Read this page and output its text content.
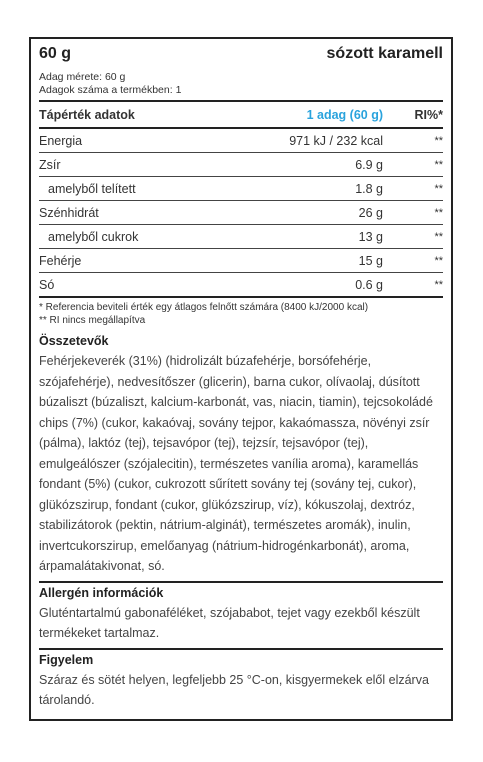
60 g	sózott karamell
Adag mérete: 60 g
Adagok száma a termékben: 1
Tápérték adatok	1 adag (60 g)	RI%*
Energia	971 kJ / 232 kcal	**
Zsír	6.9 g	**
amelyből telített	1.8 g	**
Szénhidrát	26 g	**
amelyből cukrok	13 g	**
Fehérje	15 g	**
Só	0.6 g	**
* Referencia beviteli érték egy átlagos felnőtt számára (8400 kJ/2000 kcal)
** RI nincs megállapítva
Összetevők
Fehérjekeverék (31%) (hidrolizált búzafehérje, borsófehérje, szójafehérje), nedvesítőszer (glicerin), barna cukor, olívaolaj, dúsított búzaliszt (búzaliszt, kalcium-karbonát, vas, niacin, tiamin), tejcsokoládé chips (7%) (cukor, kakaóvaj, sovány tejpor, kakaómassza, növényi zsír (pálma), laktóz (tej), tejsavópor (tej), tejzsír, tejsavópor (tej), emulgeálószer (szójalecitin), természetes vanília aroma), karamellás fondant (5%) (cukor, cukrozott sűrített sovány tej (sovány tej, cukor), glükózszirup, fondant (cukor, glükózszirup, víz), kókuszolaj, dextróz, stabilizátorok (pektin, nátrium-alginát), természetes aromák), inulin, invertcukorszirup, emelőanyag (nátrium-hidrogénkarbonát), aroma, árpamalátakivonat, só.
Allergén információk
Gluténtartalmú gabonaféléket, szójababot, tejet vagy ezekből készült termékeket tartalmaz.
Figyelem
Száraz és sötét helyen, legfeljebb 25 °C-on, kisgyermekek elől elzárva tárolandó.
